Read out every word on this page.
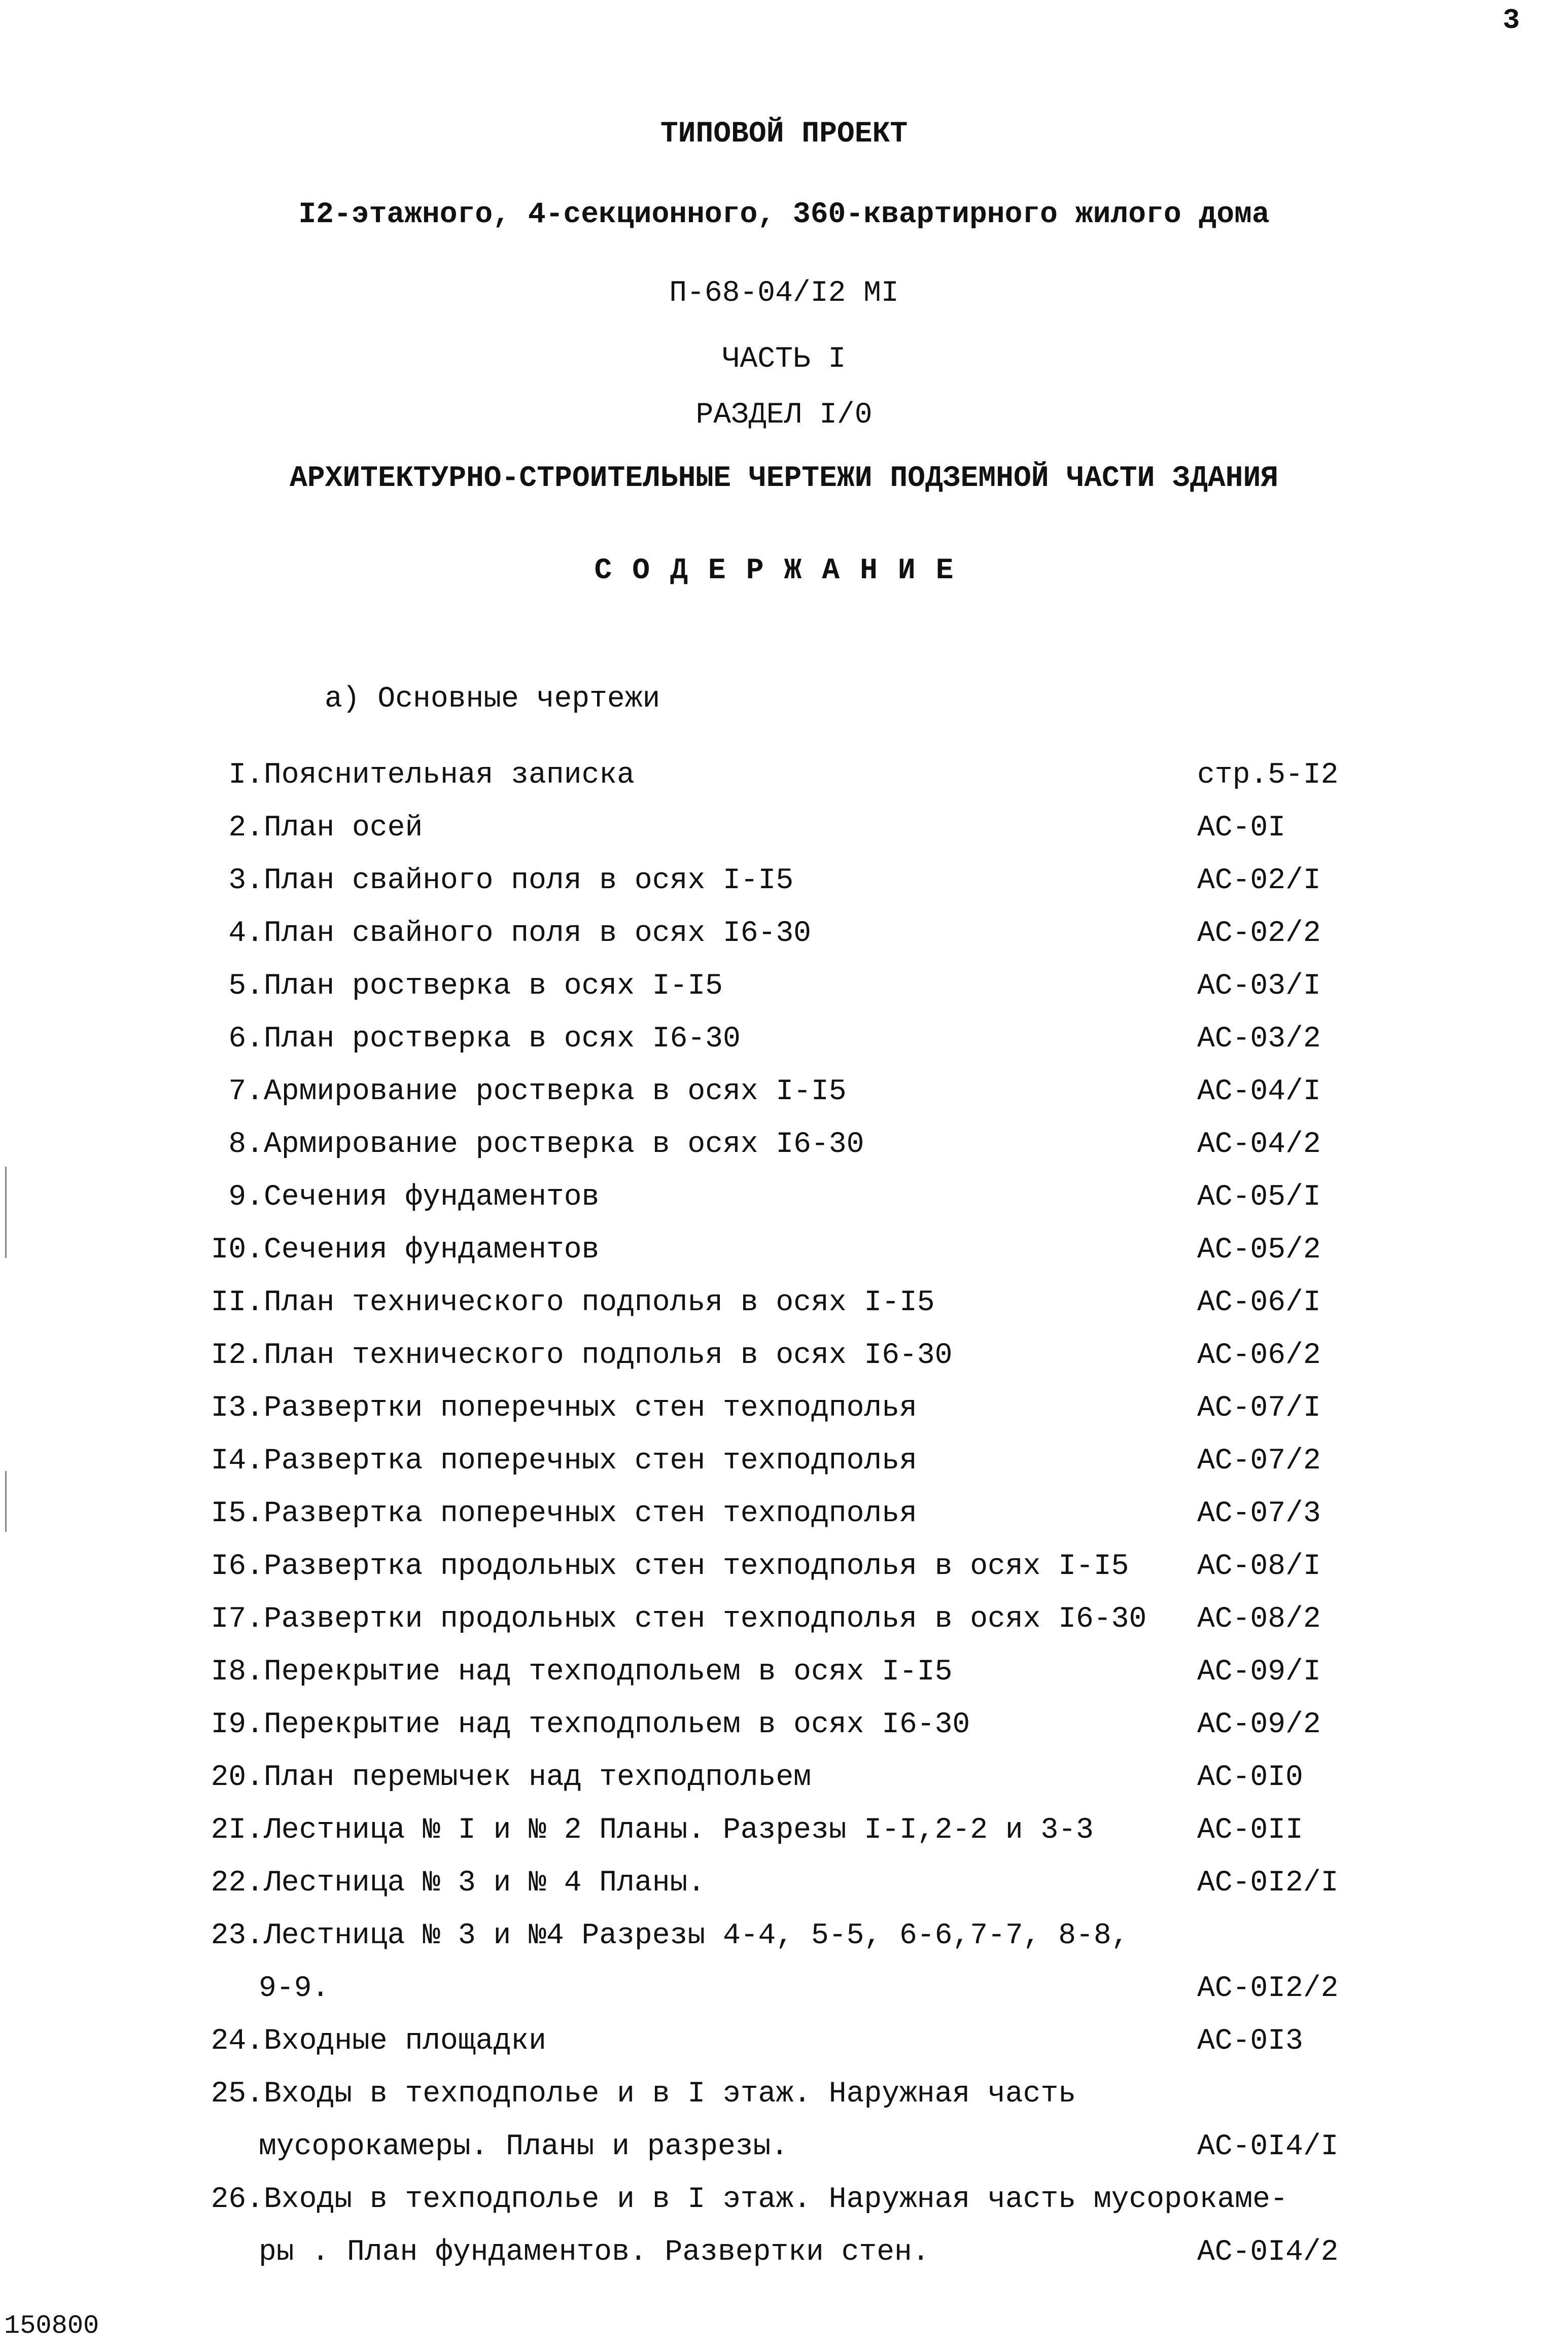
3
ТИПОВОЙ ПРОЕКТ
I2-этажного, 4-секционного, 360-квартирного жилого дома
П-68-04/I2 МI
ЧАСТЬ I
РАЗДЕЛ I/0
АРХИТЕКТУРНО-СТРОИТЕЛЬНЫЕ ЧЕРТЕЖИ ПОДЗЕМНОЙ ЧАСТИ ЗДАНИЯ
СОДЕРЖАНИЕ
а) Основные чертежи
I. Пояснительная записка	стр.5-I2
2. План осей	АС-0I
3. План свайного поля в осях I-I5	АС-02/I
4. План свайного поля в осях I6-30	АС-02/2
5. План ростверка в осях I-I5	АС-03/I
6. План ростверка в осях I6-30	АС-03/2
7. Армирование ростверка в осях I-I5	АС-04/I
8. Армирование ростверка в осях I6-30	АС-04/2
9. Сечения фундаментов	АС-05/I
I0. Сечения фундаментов	АС-05/2
II. План технического подполья в осях I-I5	АС-06/I
I2. План технического подполья в осях I6-30	АС-06/2
I3. Развертки поперечных стен техподполья	АС-07/I
I4. Развертка поперечных стен техподполья	АС-07/2
I5. Развертка поперечных стен техподполья	АС-07/3
I6. Развертка продольных стен техподполья в осях I-I5 АС-08/I
I7. Развертки продольных стен техподполья в осях I6-30 АС-08/2
I8. Перекрытие над техподпольем в осях I-I5	АС-09/I
I9. Перекрытие над техподпольем в осях I6-30	АС-09/2
20. План перемычек над техподпольем	АС-0I0
2I. Лестница № I и № 2 Планы. Разрезы I-I,2-2 и 3-3	АС-0II
22. Лестница № 3 и № 4 Планы.	АС-0I2/I
23. Лестница № 3 и №4 Разрезы 4-4, 5-5, 6-6,7-7, 8-8,
9-9.	АС-0I2/2
24. Входные площадки	АС-0I3
25. Входы в техподполье и в I этаж. Наружная часть
мусорокамеры. Планы и разрезы.	АС-0I4/I
26. Входы в техподполье и в I этаж. Наружная часть мусорокаме-
ры . План фундаментов. Развертки стен.	АС-0I4/2
150800
